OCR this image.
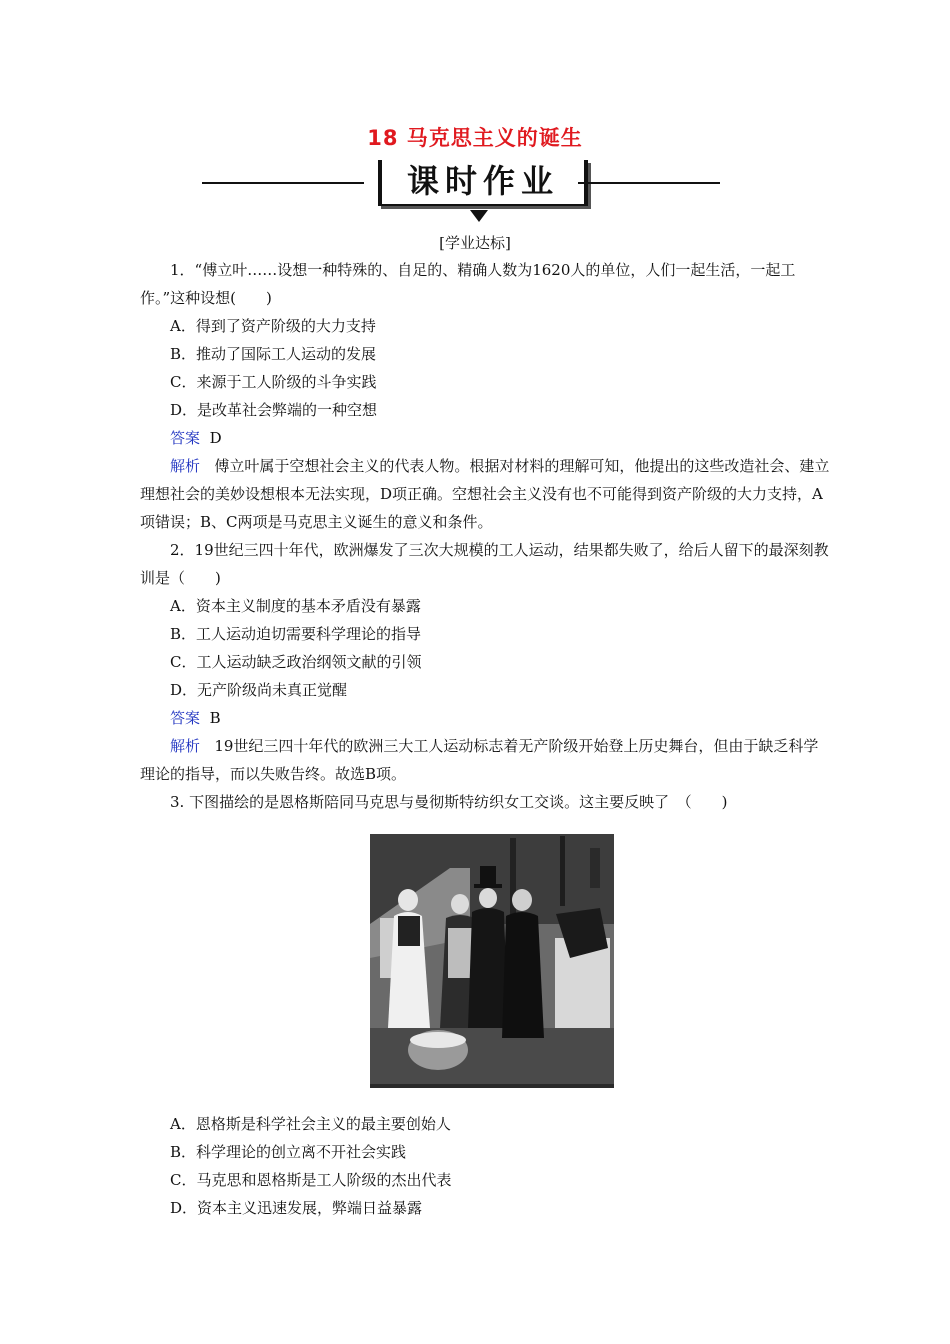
18 马克思主义的诞生
课时作业
[学业达标]

1．“傅立叶……设想一种特殊的、自足的、精确人数为1620人的单位，人们一起生活，一起工作。”这种设想(　　)

A．得到了资产阶级的大力支持

B．推动了国际工人运动的发展

C．来源于工人阶级的斗争实践

D．是改革社会弊端的一种空想

答案 D

解析 傅立叶属于空想社会主义的代表人物。根据对材料的理解可知，他提出的这些改造社会、建立理想社会的美妙设想根本无法实现，D项正确。空想社会主义没有也不可能得到资产阶级的大力支持，A项错误；B、C两项是马克思主义诞生的意义和条件。

2．19世纪三四十年代，欧洲爆发了三次大规模的工人运动，结果都失败了，给后人留下的最深刻教训是（　　)

A．资本主义制度的基本矛盾没有暴露

B．工人运动迫切需要科学理论的指导

C．工人运动缺乏政治纲领文献的引领

D．无产阶级尚未真正觉醒

答案 B

解析 19世纪三四十年代的欧洲三大工人运动标志着无产阶级开始登上历史舞台，但由于缺乏科学理论的指导，而以失败告终。故选B项。

3. 下图描绘的是恩格斯陪同马克思与曼彻斯特纺织女工交谈。这主要反映了　（　　)

A．恩格斯是科学社会主义的最主要创始人

B．科学理论的创立离不开社会实践

C．马克思和恩格斯是工人阶级的杰出代表

D．资本主义迅速发展，弊端日益暴露
